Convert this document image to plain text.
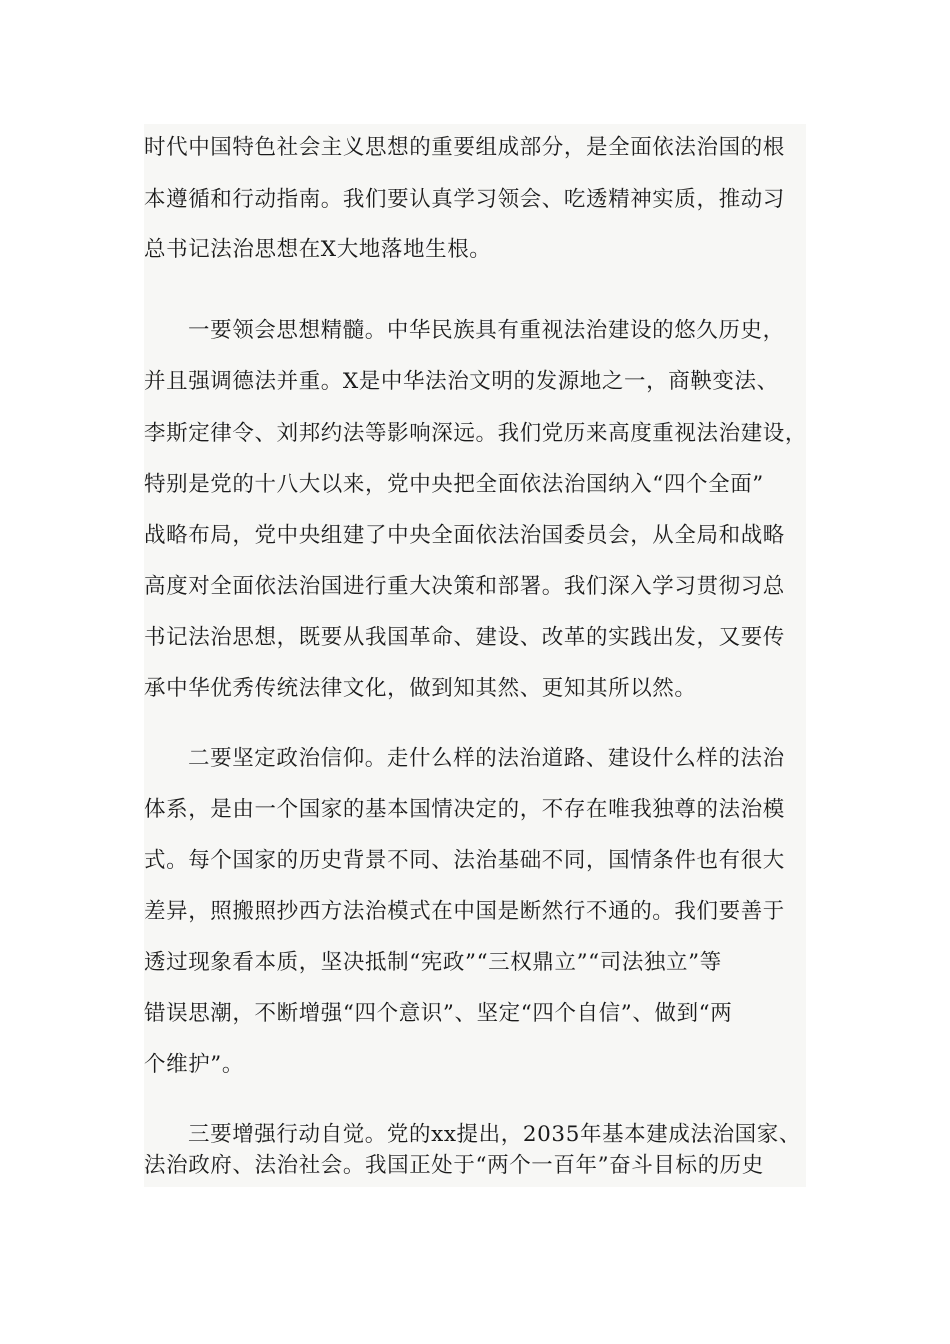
时代中国特色社会主义思想的重要组成部分，是全面依法治国的根
本遵循和行动指南。我们要认真学习领会、吃透精神实质，推动习
总书记法治思想在X大地落地生根。
一要领会思想精髓。中华民族具有重视法治建设的悠久历史，
并且强调德法并重。X是中华法治文明的发源地之一，商鞅变法、
李斯定律令、刘邦约法等影响深远。我们党历来高度重视法治建设，
特别是党的十八大以来，党中央把全面依法治国纳入“四个全面”
战略布局，党中央组建了中央全面依法治国委员会，从全局和战略
高度对全面依法治国进行重大决策和部署。我们深入学习贯彻习总
书记法治思想，既要从我国革命、建设、改革的实践出发，又要传
承中华优秀传统法律文化，做到知其然、更知其所以然。
二要坚定政治信仰。走什么样的法治道路、建设什么样的法治
体系，是由一个国家的基本国情决定的，不存在唯我独尊的法治模
式。每个国家的历史背景不同、法治基础不同，国情条件也有很大
差异，照搬照抄西方法治模式在中国是断然行不通的。我们要善于
透过现象看本质，坚决抵制“宪政”“三权鼎立”“司法独立”等
错误思潮，不断增强“四个意识”、坚定“四个自信”、做到“两
个维护”。
三要增强行动自觉。党的xx提出，2035年基本建成法治国家、
法治政府、法治社会。我国正处于“两个一百年”奋斗目标的历史
